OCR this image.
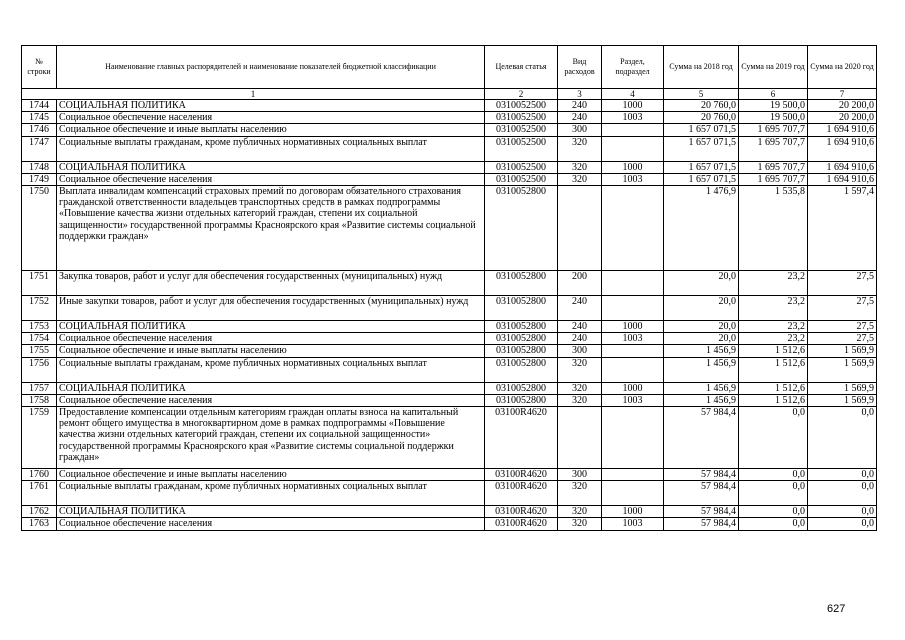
№ строки	Наименование главных распорядителей и наименование показателей бюджетной классификации	Целевая статья	Вид расходов	Раздел, подраздел	Сумма на 2018 год	Сумма на 2019 год	Сумма на 2020 год
1		2	3	4	5	6	7
1744	СОЦИАЛЬНАЯ ПОЛИТИКА	0310052500	240	1000	20 760,0	19 500,0	20 200,0
1745	Социальное обеспечение населения	0310052500	240	1003	20 760,0	19 500,0	20 200,0
1746	Социальное обеспечение и иные выплаты населению	0310052500	300		1 657 071,5	1 695 707,7	1 694 910,6
1747	Социальные выплаты гражданам, кроме публичных нормативных социальных выплат	0310052500	320		1 657 071,5	1 695 707,7	1 694 910,6
1748	СОЦИАЛЬНАЯ ПОЛИТИКА	0310052500	320	1000	1 657 071,5	1 695 707,7	1 694 910,6
1749	Социальное обеспечение населения	0310052500	320	1003	1 657 071,5	1 695 707,7	1 694 910,6
1750	Выплата инвалидам компенсаций страховых премий по договорам обязательного страхования гражданской ответственности владельцев транспортных средств в рамках подпрограммы «Повышение качества жизни отдельных категорий граждан, степени их социальной защищенности» государственной программы Красноярского края «Развитие системы социальной поддержки граждан»	0310052800			1 476,9	1 535,8	1 597,4
1751	Закупка товаров, работ и услуг для обеспечения государственных (муниципальных) нужд	0310052800	200		20,0	23,2	27,5
1752	Иные закупки товаров, работ и услуг для обеспечения государственных (муниципальных) нужд	0310052800	240		20,0	23,2	27,5
1753	СОЦИАЛЬНАЯ ПОЛИТИКА	0310052800	240	1000	20,0	23,2	27,5
1754	Социальное обеспечение населения	0310052800	240	1003	20,0	23,2	27,5
1755	Социальное обеспечение и иные выплаты населению	0310052800	300		1 456,9	1 512,6	1 569,9
1756	Социальные выплаты гражданам, кроме публичных нормативных социальных выплат	0310052800	320		1 456,9	1 512,6	1 569,9
1757	СОЦИАЛЬНАЯ ПОЛИТИКА	0310052800	320	1000	1 456,9	1 512,6	1 569,9
1758	Социальное обеспечение населения	0310052800	320	1003	1 456,9	1 512,6	1 569,9
1759	Предоставление компенсации отдельным категориям граждан оплаты взноса на капитальный ремонт общего имущества в многоквартирном доме в рамках подпрограммы «Повышение качества жизни отдельных категорий граждан, степени их социальной защищенности» государственной программы Красноярского края «Развитие системы социальной поддержки граждан»	03100R4620			57 984,4	0,0	0,0
1760	Социальное обеспечение и иные выплаты населению	03100R4620	300		57 984,4	0,0	0,0
1761	Социальные выплаты гражданам, кроме публичных нормативных социальных выплат	03100R4620	320		57 984,4	0,0	0,0
1762	СОЦИАЛЬНАЯ ПОЛИТИКА	03100R4620	320	1000	57 984,4	0,0	0,0
1763	Социальное обеспечение населения	03100R4620	320	1003	57 984,4	0,0	0,0
627
